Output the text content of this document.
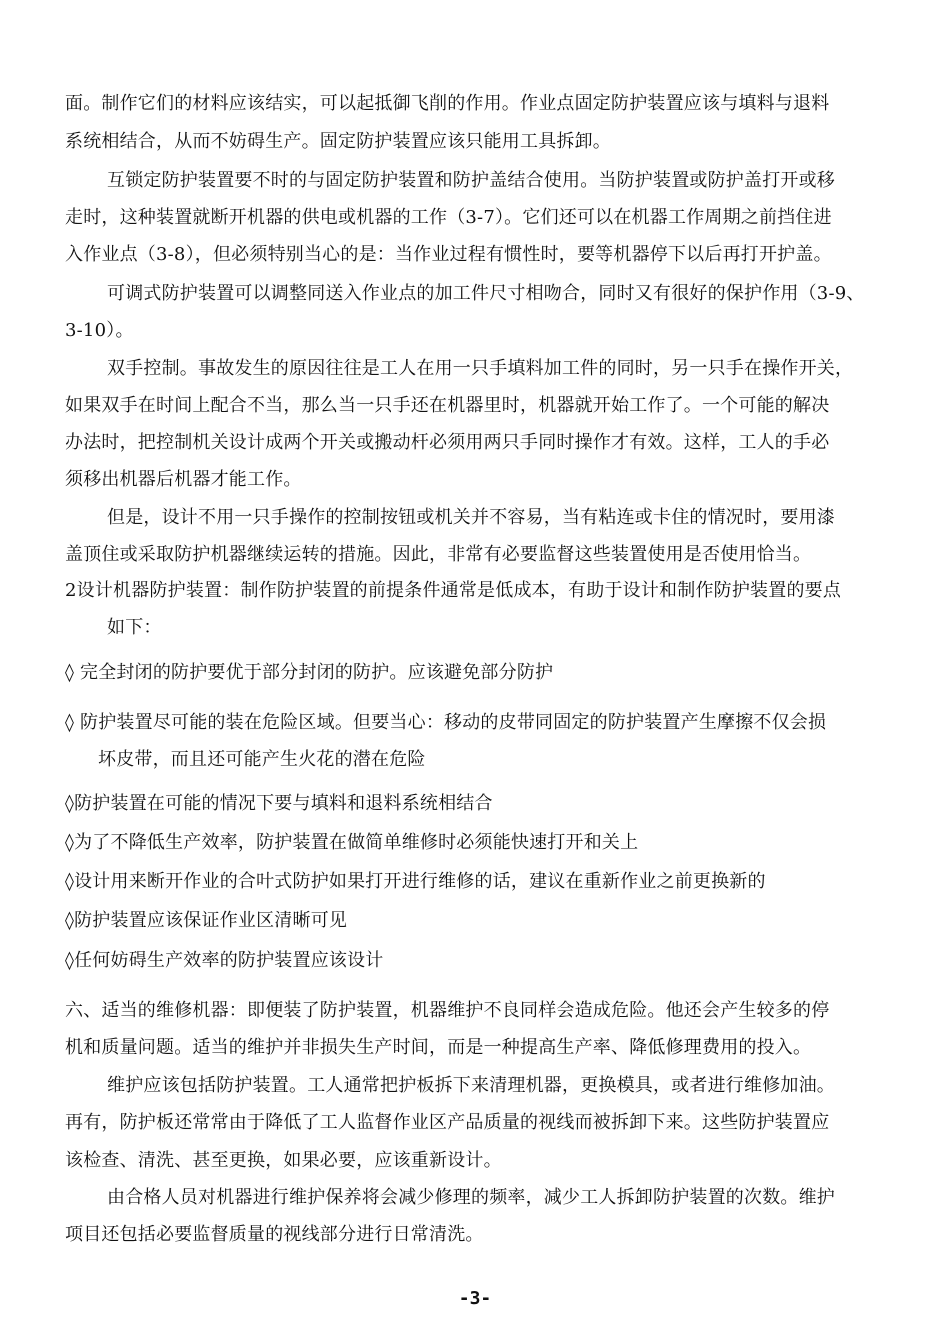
面。制作它们的材料应该结实，可以起抵御飞削的作用。作业点固定防护装置应该与填料与退料
系统相结合，从而不妨碍生产。固定防护装置应该只能用工具拆卸。
互锁定防护装置要不时的与固定防护装置和防护盖结合使用。当防护装置或防护盖打开或移
走时，这种装置就断开机器的供电或机器的工作（3-7）。它们还可以在机器工作周期之前挡住进
入作业点（3-8），但必须特别当心的是：当作业过程有惯性时，要等机器停下以后再打开护盖。
可调式防护装置可以调整同送入作业点的加工件尺寸相吻合，同时又有很好的保护作用（3-9、
3-10）。
双手控制。事故发生的原因往往是工人在用一只手填料加工件的同时，另一只手在操作开关，
如果双手在时间上配合不当，那么当一只手还在机器里时，机器就开始工作了。一个可能的解决
办法时，把控制机关设计成两个开关或搬动杆必须用两只手同时操作才有效。这样，工人的手必
须移出机器后机器才能工作。
但是，设计不用一只手操作的控制按钮或机关并不容易，当有粘连或卡住的情况时，要用漆
盖顶住或采取防护机器继续运转的措施。因此，非常有必要监督这些装置使用是否使用恰当。
2设计机器防护装置：制作防护装置的前提条件通常是低成本，有助于设计和制作防护装置的要点
如下：
◊ 完全封闭的防护要优于部分封闭的防护。应该避免部分防护
◊ 防护装置尽可能的装在危险区域。但要当心：移动的皮带同固定的防护装置产生摩擦不仅会损
坏皮带，而且还可能产生火花的潜在危险
◊防护装置在可能的情况下要与填料和退料系统相结合
◊为了不降低生产效率，防护装置在做简单维修时必须能快速打开和关上
◊设计用来断开作业的合叶式防护如果打开进行维修的话，建议在重新作业之前更换新的
◊防护装置应该保证作业区清晰可见
◊任何妨碍生产效率的防护装置应该设计
六、适当的维修机器：即便装了防护装置，机器维护不良同样会造成危险。他还会产生较多的停
机和质量问题。适当的维护并非损失生产时间，而是一种提高生产率、降低修理费用的投入。
维护应该包括防护装置。工人通常把护板拆下来清理机器，更换模具，或者进行维修加油。
再有，防护板还常常由于降低了工人监督作业区产品质量的视线而被拆卸下来。这些防护装置应
该检查、清洗、甚至更换，如果必要，应该重新设计。
由合格人员对机器进行维护保养将会减少修理的频率，减少工人拆卸防护装置的次数。维护
项目还包括必要监督质量的视线部分进行日常清洗。
-3-
